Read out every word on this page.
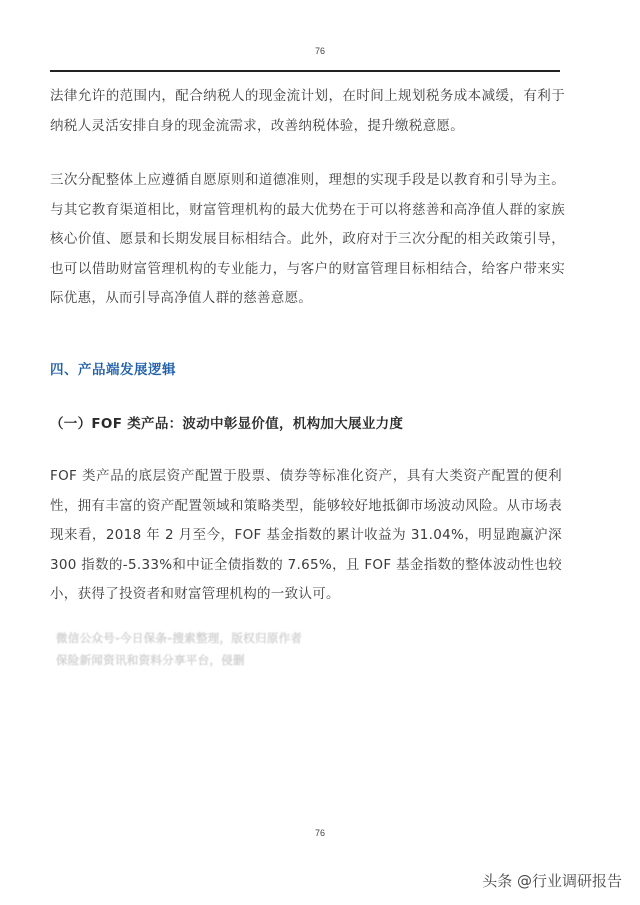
76

法律允许的范围内，配合纳税人的现金流计划，在时间上规划税务成本减缓，有利于纳税人灵活安排自身的现金流需求，改善纳税体验，提升缴税意愿。

三次分配整体上应遵循自愿原则和道德准则，理想的实现手段是以教育和引导为主。与其它教育渠道相比，财富管理机构的最大优势在于可以将慈善和高净值人群的家族核心价值、愿景和长期发展目标相结合。此外，政府对于三次分配的相关政策引导，也可以借助财富管理机构的专业能力，与客户的财富管理目标相结合，给客户带来实际优惠，从而引导高净值人群的慈善意愿。

四、产品端发展逻辑
（一）FOF 类产品：波动中彰显价值，机构加大展业力度

FOF 类产品的底层资产配置于股票、债券等标准化资产，具有大类资产配置的便利性，拥有丰富的资产配置领域和策略类型，能够较好地抵御市场波动风险。从市场表现来看，2018 年 2 月至今，FOF 基金指数的累计收益为 31.04%，明显跑赢沪深 300 指数的-5.33%和中证全债指数的 7.65%，且 FOF 基金指数的整体波动性也较小，获得了投资者和财富管理机构的一致认可。

微信公众号-今日保条-搜索整理，版权归原作者
保险新闻资讯和资料分享平台，侵删
76
头条 @行业调研报告
